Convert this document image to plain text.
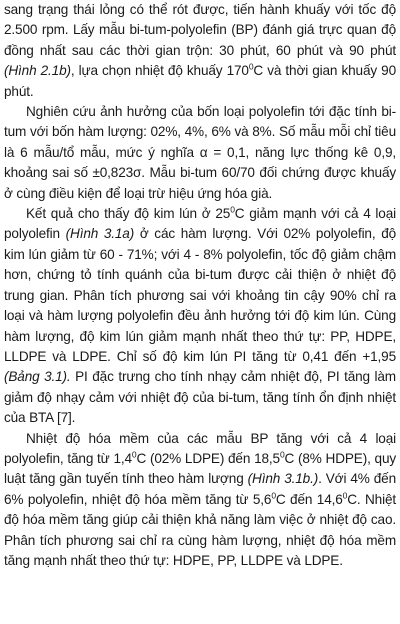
sang trạng thái lỏng có thể rót được, tiến hành khuấy với tốc độ 2.500 rpm. Lấy mẫu bi-tum-polyolefin (BP) đánh giá trực quan độ đồng nhất sau các thời gian trộn: 30 phút, 60 phút và 90 phút (Hình 2.1b), lựa chọn nhiệt độ khuấy $170^0C$ và thời gian khuấy 90 phút.

Nghiên cứu ảnh hưởng của bốn loại polyolefin tới đặc tính bi-tum với bốn hàm lượng: 02%, 4%, 6% và 8%. Số mẫu mỗi chỉ tiêu là 6 mẫu/tổ mẫu, mức ý nghĩa α = 0,1, năng lực thống kê 0,9, khoảng sai số ±0,823σ. Mẫu bi-tum 60/70 đối chứng được khuấy ở cùng điều kiện để loại trừ hiệu ứng hóa già.

Kết quả cho thấy độ kim lún ở $25^0C$ giảm mạnh với cả 4 loại polyolefin (Hình 3.1a) ở các hàm lượng. Với 02% polyolefin, độ kim lún giảm từ 60 - 71%; với 4 - 8% polyolefin, tốc độ giảm chậm hơn, chứng tỏ tính quánh của bi-tum được cải thiện ở nhiệt độ trung gian. Phân tích phương sai với khoảng tin cậy 90% chỉ ra loại và hàm lượng polyolefin đều ảnh hưởng tới độ kim lún. Cùng hàm lượng, độ kim lún giảm mạnh nhất theo thứ tự: PP, HDPE, LLDPE và LDPE. Chỉ số độ kim lún PI tăng từ 0,41 đến +1,95 (Bảng 3.1). PI đặc trưng cho tính nhạy cảm nhiệt độ, PI tăng làm giảm độ nhạy cảm với nhiệt độ của bi-tum, tăng tính ổn định nhiệt của BTA [7].

Nhiệt độ hóa mềm của các mẫu BP tăng với cả 4 loại polyolefin, tăng từ $1,4^0C$ (02% LDPE) đến 18,5$^0$C (8% HDPE), quy luật tăng gần tuyến tính theo hàm lượng (Hình 3.1b.). Với 4% đến 6% polyolefin, nhiệt độ hóa mềm tăng từ $5,6^0C$ đến 14,6$^0$C. Nhiệt độ hóa mềm tăng giúp cải thiện khả năng làm việc ở nhiệt độ cao. Phân tích phương sai chỉ ra cùng hàm lượng, nhiệt độ hóa mềm tăng mạnh nhất theo thứ tự: HDPE, PP, LLDPE và LDPE.
